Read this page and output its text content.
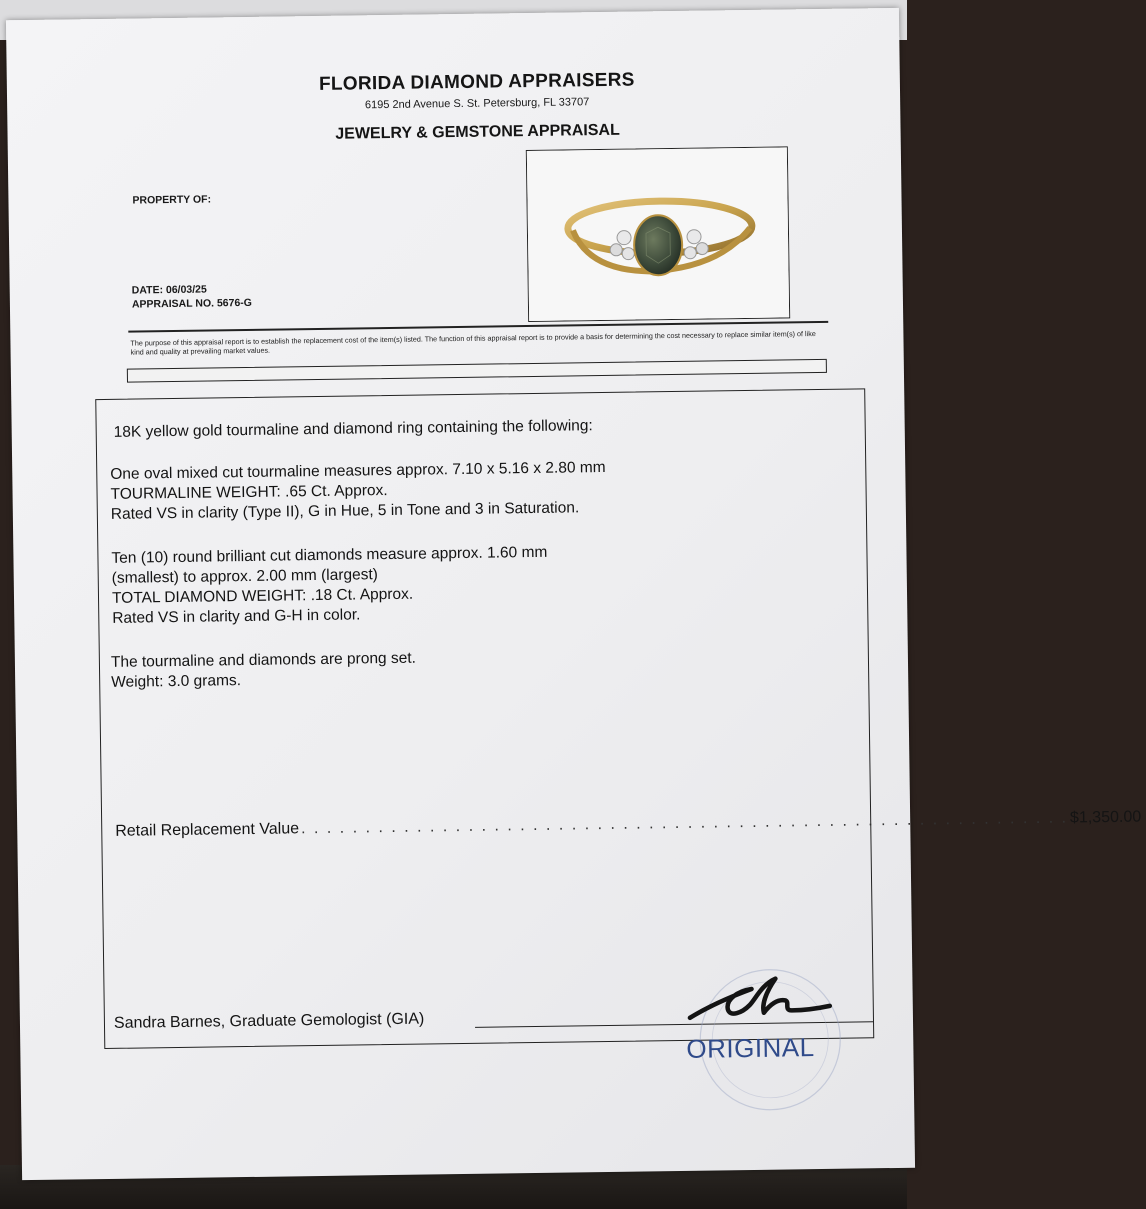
FLORIDA DIAMOND APPRAISERS
6195 2nd Avenue S. St. Petersburg, FL 33707
JEWELRY & GEMSTONE APPRAISAL
PROPERTY OF:
DATE: 06/03/25
APPRAISAL NO. 5676-G
The purpose of this appraisal report is to establish the replacement cost of the item(s) listed. The function of this appraisal report is to provide a basis for determining the cost necessary to replace similar item(s) of like kind and quality at prevailing market values.
18K yellow gold tourmaline and diamond ring containing the following:

One oval mixed cut tourmaline measures approx. 7.10 x 5.16 x 2.80 mm

TOURMALINE WEIGHT: .65 Ct. Approx.

Rated VS in clarity (Type II), G in Hue, 5 in Tone and 3 in Saturation.

Ten (10) round brilliant cut diamonds measure approx. 1.60 mm

(smallest) to approx. 2.00 mm (largest)

TOTAL DIAMOND WEIGHT: .18 Ct. Approx.

Rated VS in clarity and G-H in color.

The tourmaline and diamonds are prong set.

Weight: 3.0 grams.

Retail Replacement Value . . . . . . . . . . . . . . . . . . . . . . . . . . . . . . . . . . . . . . . . . . . . . . . . . . . . . . . . . . . . $1,350.00
Sandra Barnes, Graduate Gemologist (GIA)
ORIGINAL
